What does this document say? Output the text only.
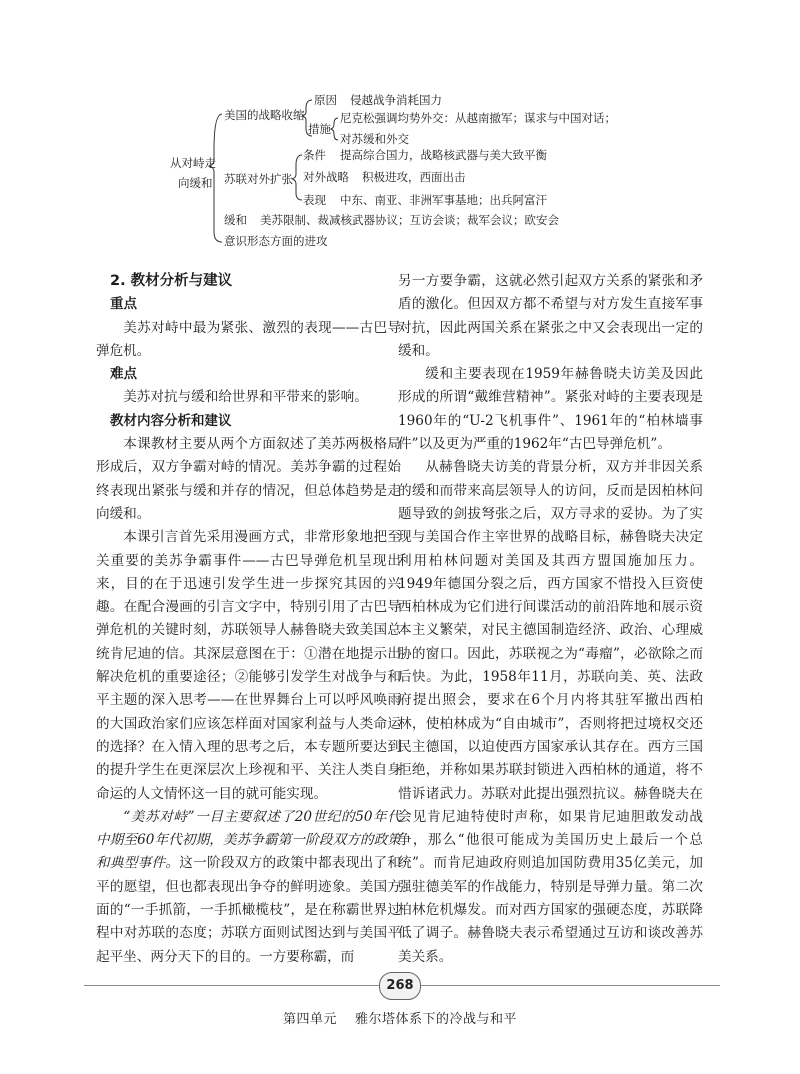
从对峙走
向缓和
美国的战略收缩
原因 侵越战争消耗国力
措施
尼克松强调均势外交：从越南撤军；谋求与中国对话；
对苏缓和外交
苏联对外扩张
条件 提高综合国力，战略核武器与美大致平衡
对外战略 积极进攻，西面出击
表现 中东、南亚、非洲军事基地；出兵阿富汗
缓和 美苏限制、裁减核武器协议；互访会谈；裁军会议；欧安会
意识形态方面的进攻

2. 教材分析与建议

重点

美苏对峙中最为紧张、激烈的表现——古巴导弹危机。

难点

美苏对抗与缓和给世界和平带来的影响。

教材内容分析和建议

本课教材主要从两个方面叙述了美苏两极格局形成后，双方争霸对峙的情况。美苏争霸的过程始终表现出紧张与缓和并存的情况，但总体趋势是走向缓和。

本课引言首先采用漫画方式，非常形象地把至关重要的美苏争霸事件——古巴导弹危机呈现出来，目的在于迅速引发学生进一步探究其因的兴趣。在配合漫画的引言文字中，特别引用了古巴导弹危机的关键时刻，苏联领导人赫鲁晓夫致美国总统肯尼迪的信。其深层意图在于：①潜在地提示出解决危机的重要途径；②能够引发学生对战争与和平主题的深入思考——在世界舞台上可以呼风唤雨的大国政治家们应该怎样面对国家利益与人类命运的选择？在入情入理的思考之后，本专题所要达到的提升学生在更深层次上珍视和平、关注人类自身命运的人文情怀这一目的就可能实现。

“美苏对峙”一目主要叙述了20世纪的50年代中期至60年代初期，美苏争霸第一阶段双方的政策和典型事件。这一阶段双方的政策中都表现出了和平的愿望，但也都表现出争夺的鲜明迹象。美国方面的“一手抓箭，一手抓橄榄枝”，是在称霸世界过程中对苏联的态度；苏联方面则试图达到与美国平起平坐、两分天下的目的。一方要称霸，而

另一方要争霸，这就必然引起双方关系的紧张和矛盾的激化。但因双方都不希望与对方发生直接军事对抗，因此两国关系在紧张之中又会表现出一定的缓和。

缓和主要表现在1959年赫鲁晓夫访美及因此形成的所谓“戴维营精神”。紧张对峙的主要表现是1960年的“U-2飞机事件”、1961年的“柏林墙事件”以及更为严重的1962年“古巴导弹危机”。

从赫鲁晓夫访美的背景分析，双方并非因关系的缓和而带来高层领导人的访问，反而是因柏林问题导致的剑拔弩张之后，双方寻求的妥协。为了实现与美国合作主宰世界的战略目标，赫鲁晓夫决定利用柏林问题对美国及其西方盟国施加压力。1949年德国分裂之后，西方国家不惜投入巨资使西柏林成为它们进行间谍活动的前沿阵地和展示资本主义繁荣，对民主德国制造经济、政治、心理威胁的窗口。因此，苏联视之为“毒瘤”，必欲除之而后快。为此，1958年11月，苏联向美、英、法政府提出照会，要求在6个月内将其驻军撤出西柏林，使柏林成为“自由城市”，否则将把过境权交还民主德国，以迫使西方国家承认其存在。西方三国拒绝，并称如果苏联封锁进入西柏林的通道，将不惜诉诸武力。苏联对此提出强烈抗议。赫鲁晓夫在会见肯尼迪特使时声称，如果肯尼迪胆敢发动战争，那么“他很可能成为美国历史上最后一个总统”。而肯尼迪政府则追加国防费用35亿美元，加强驻德美军的作战能力，特别是导弹力量。第二次柏林危机爆发。而对西方国家的强硬态度，苏联降低了调子。赫鲁晓夫表示希望通过互访和谈改善苏美关系。

268
第四单元 雅尔塔体系下的冷战与和平
